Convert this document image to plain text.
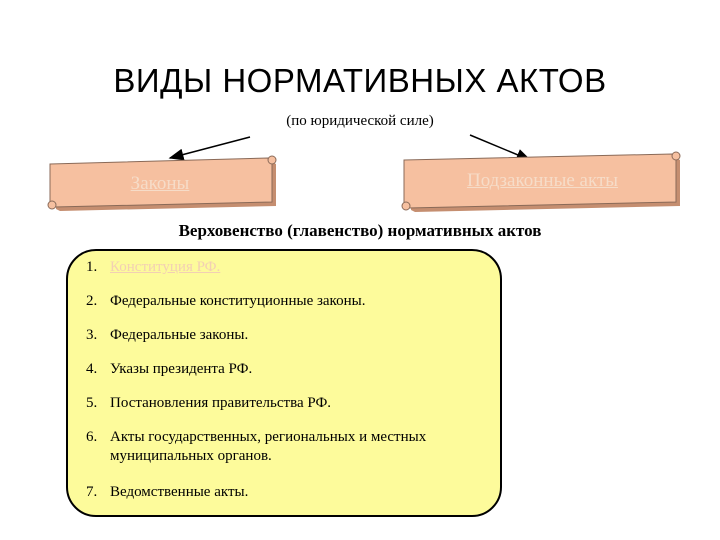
ВИДЫ НОРМАТИВНЫХ АКТОВ
(по юридической силе)
Законы	Подзаконные акты
Верховенство (главенство) нормативных актов
1. Конституция РФ.
2. Федеральные конституционные законы.
3. Федеральные законы.
4. Указы президента РФ.
5. Постановления правительства РФ.
6. Акты государственных, региональных и местных муниципальных органов.
7. Ведомственные акты.
